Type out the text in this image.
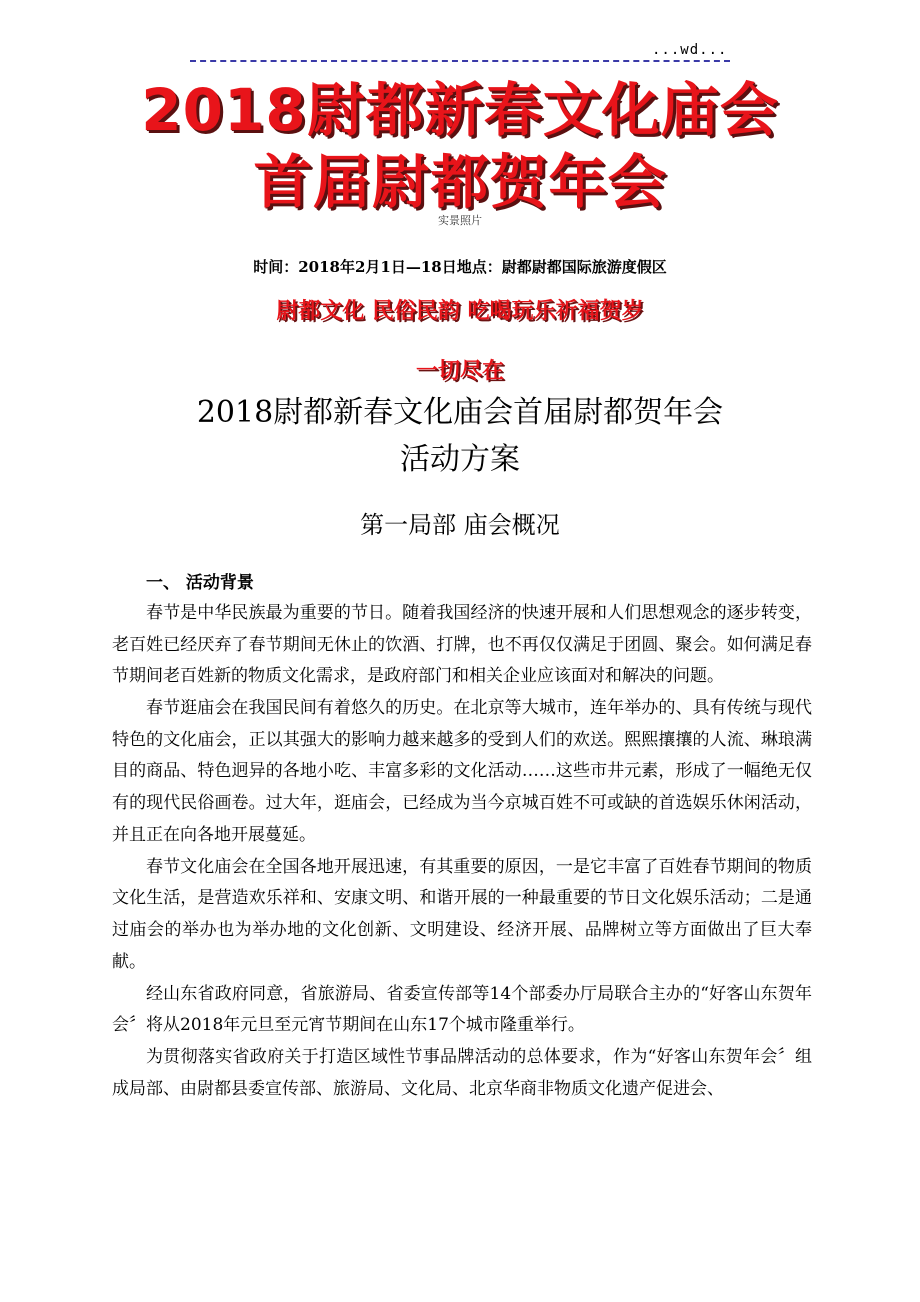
...wd...
2018尉都新春文化庙会
首届尉都贺年会
实景照片
时间：2018年2月1日—18日地点：尉都尉都国际旅游度假区
尉都文化 民俗民韵 吃喝玩乐祈福贺岁
一切尽在
2018尉都新春文化庙会首届尉都贺年会
活动方案
第一局部 庙会概况
一、 活动背景

春节是中华民族最为重要的节日。随着我国经济的快速开展和人们思想观念的逐步转变，老百姓已经厌弃了春节期间无休止的饮酒、打牌，也不再仅仅满足于团圆、聚会。如何满足春节期间老百姓新的物质文化需求，是政府部门和相关企业应该面对和解决的问题。

春节逛庙会在我国民间有着悠久的历史。在北京等大城市，连年举办的、具有传统与现代特色的文化庙会，正以其强大的影响力越来越多的受到人们的欢送。熙熙攘攘的人流、琳琅满目的商品、特色迥异的各地小吃、丰富多彩的文化活动……这些市井元素，形成了一幅绝无仅有的现代民俗画卷。过大年，逛庙会，已经成为当今京城百姓不可或缺的首选娱乐休闲活动，并且正在向各地开展蔓延。

春节文化庙会在全国各地开展迅速，有其重要的原因，一是它丰富了百姓春节期间的物质文化生活，是营造欢乐祥和、安康文明、和谐开展的一种最重要的节日文化娱乐活动；二是通过庙会的举办也为举办地的文化创新、文明建设、经济开展、品牌树立等方面做出了巨大奉献。

经山东省政府同意，省旅游局、省委宣传部等14个部委办厅局联合主办的“好客山东贺年会〞将从2018年元旦至元宵节期间在山东17个城市隆重举行。

为贯彻落实省政府关于打造区域性节事品牌活动的总体要求，作为“好客山东贺年会〞组成局部、由尉都县委宣传部、旅游局、文化局、北京华商非物质文化遗产促进会、
